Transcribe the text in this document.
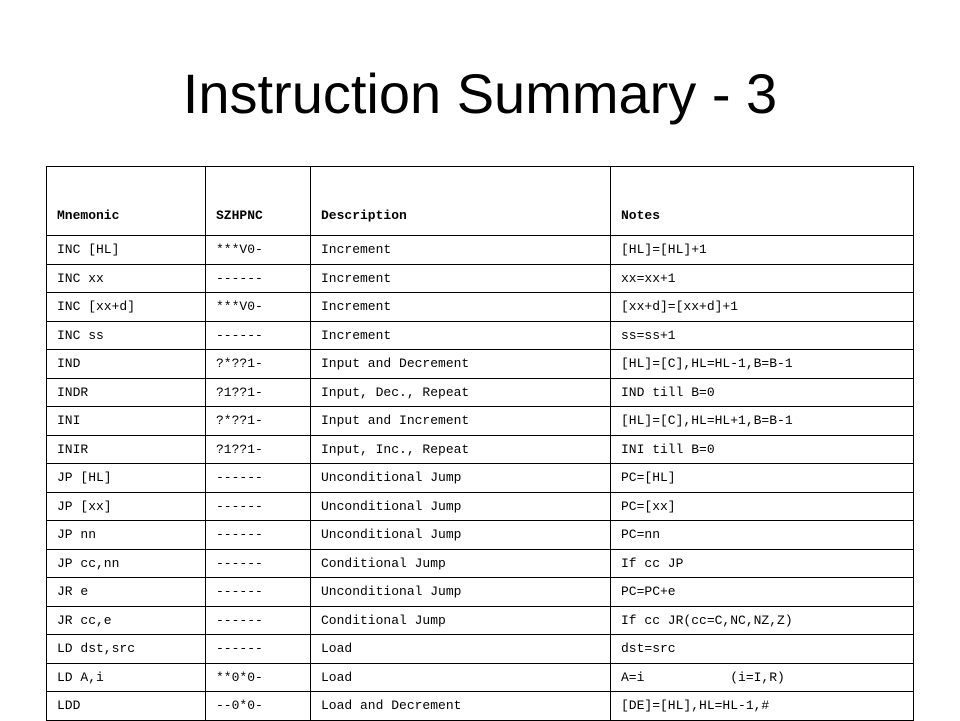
Instruction Summary - 3
Mnemonic	SZHPNC	Description	Notes
INC [HL]	***V0-	Increment	[HL]=[HL]+1
INC xx	------	Increment	xx=xx+1
INC [xx+d]	***V0-	Increment	[xx+d]=[xx+d]+1
INC ss	------	Increment	ss=ss+1
IND	?*??1-	Input and Decrement	[HL]=[C],HL=HL-1,B=B-1
INDR	?1??1-	Input, Dec., Repeat	IND till B=0
INI	?*??1-	Input and Increment	[HL]=[C],HL=HL+1,B=B-1
INIR	?1??1-	Input, Inc., Repeat	INI till B=0
JP [HL]	------	Unconditional Jump	PC=[HL]
JP [xx]	------	Unconditional Jump	PC=[xx]
JP nn	------	Unconditional Jump	PC=nn
JP cc,nn	------	Conditional Jump	If cc JP
JR e	------	Unconditional Jump	PC=PC+e
JR cc,e	------	Conditional Jump	If cc JR(cc=C,NC,NZ,Z)
LD dst,src	------	Load	dst=src
LD A,i	**0*0-	Load	A=i           (i=I,R)
LDD	--0*0-	Load and Decrement	[DE]=[HL],HL=HL-1,#
